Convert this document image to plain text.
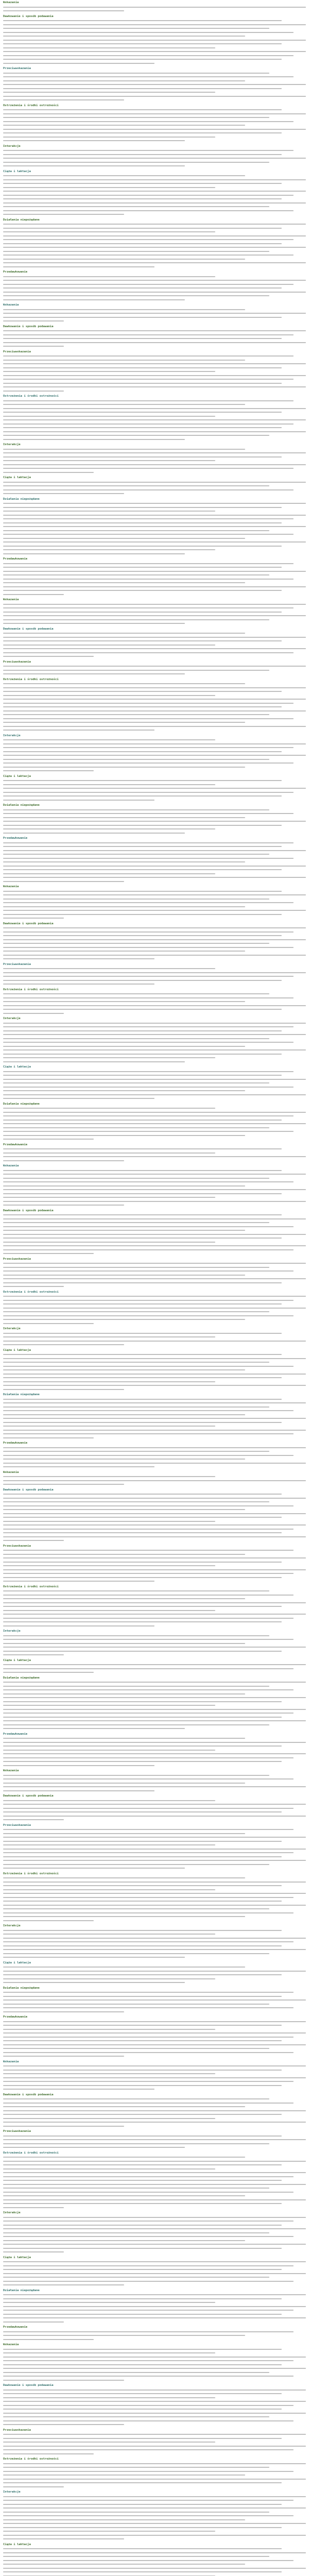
Wskazania
Dawkowanie i sposób podawania
Przeciwwskazania
Ostrzeżenia i środki ostrożności
Interakcje
Ciąża i laktacja
Działania niepożądane
Przedawkowanie
Wskazania
Dawkowanie i sposób podawania
Przeciwwskazania
Ostrzeżenia i środki ostrożności
Interakcje
Ciąża i laktacja
Działania niepożądane
Przedawkowanie
Wskazania
Dawkowanie i sposób podawania
Przeciwwskazania
Ostrzeżenia i środki ostrożności
Interakcje
Ciąża i laktacja
Działania niepożądane
Przedawkowanie
Wskazania
Dawkowanie i sposób podawania
Przeciwwskazania
Ostrzeżenia i środki ostrożności
Interakcje
Ciąża i laktacja
Działania niepożądane
Przedawkowanie
Wskazania
Dawkowanie i sposób podawania
Przeciwwskazania
Ostrzeżenia i środki ostrożności
Interakcje
Ciąża i laktacja
Działania niepożądane
Przedawkowanie
Wskazania
Dawkowanie i sposób podawania
Przeciwwskazania
Ostrzeżenia i środki ostrożności
Interakcje
Ciąża i laktacja
Działania niepożądane
Przedawkowanie
Wskazania
Dawkowanie i sposób podawania
Przeciwwskazania
Ostrzeżenia i środki ostrożności
Interakcje
Ciąża i laktacja
Działania niepożądane
Przedawkowanie
Wskazania
Dawkowanie i sposób podawania
Przeciwwskazania
Ostrzeżenia i środki ostrożności
Interakcje
Ciąża i laktacja
Działania niepożądane
Przedawkowanie
Wskazania
Dawkowanie i sposób podawania
Przeciwwskazania
Ostrzeżenia i środki ostrożności
Interakcje
Ciąża i laktacja
